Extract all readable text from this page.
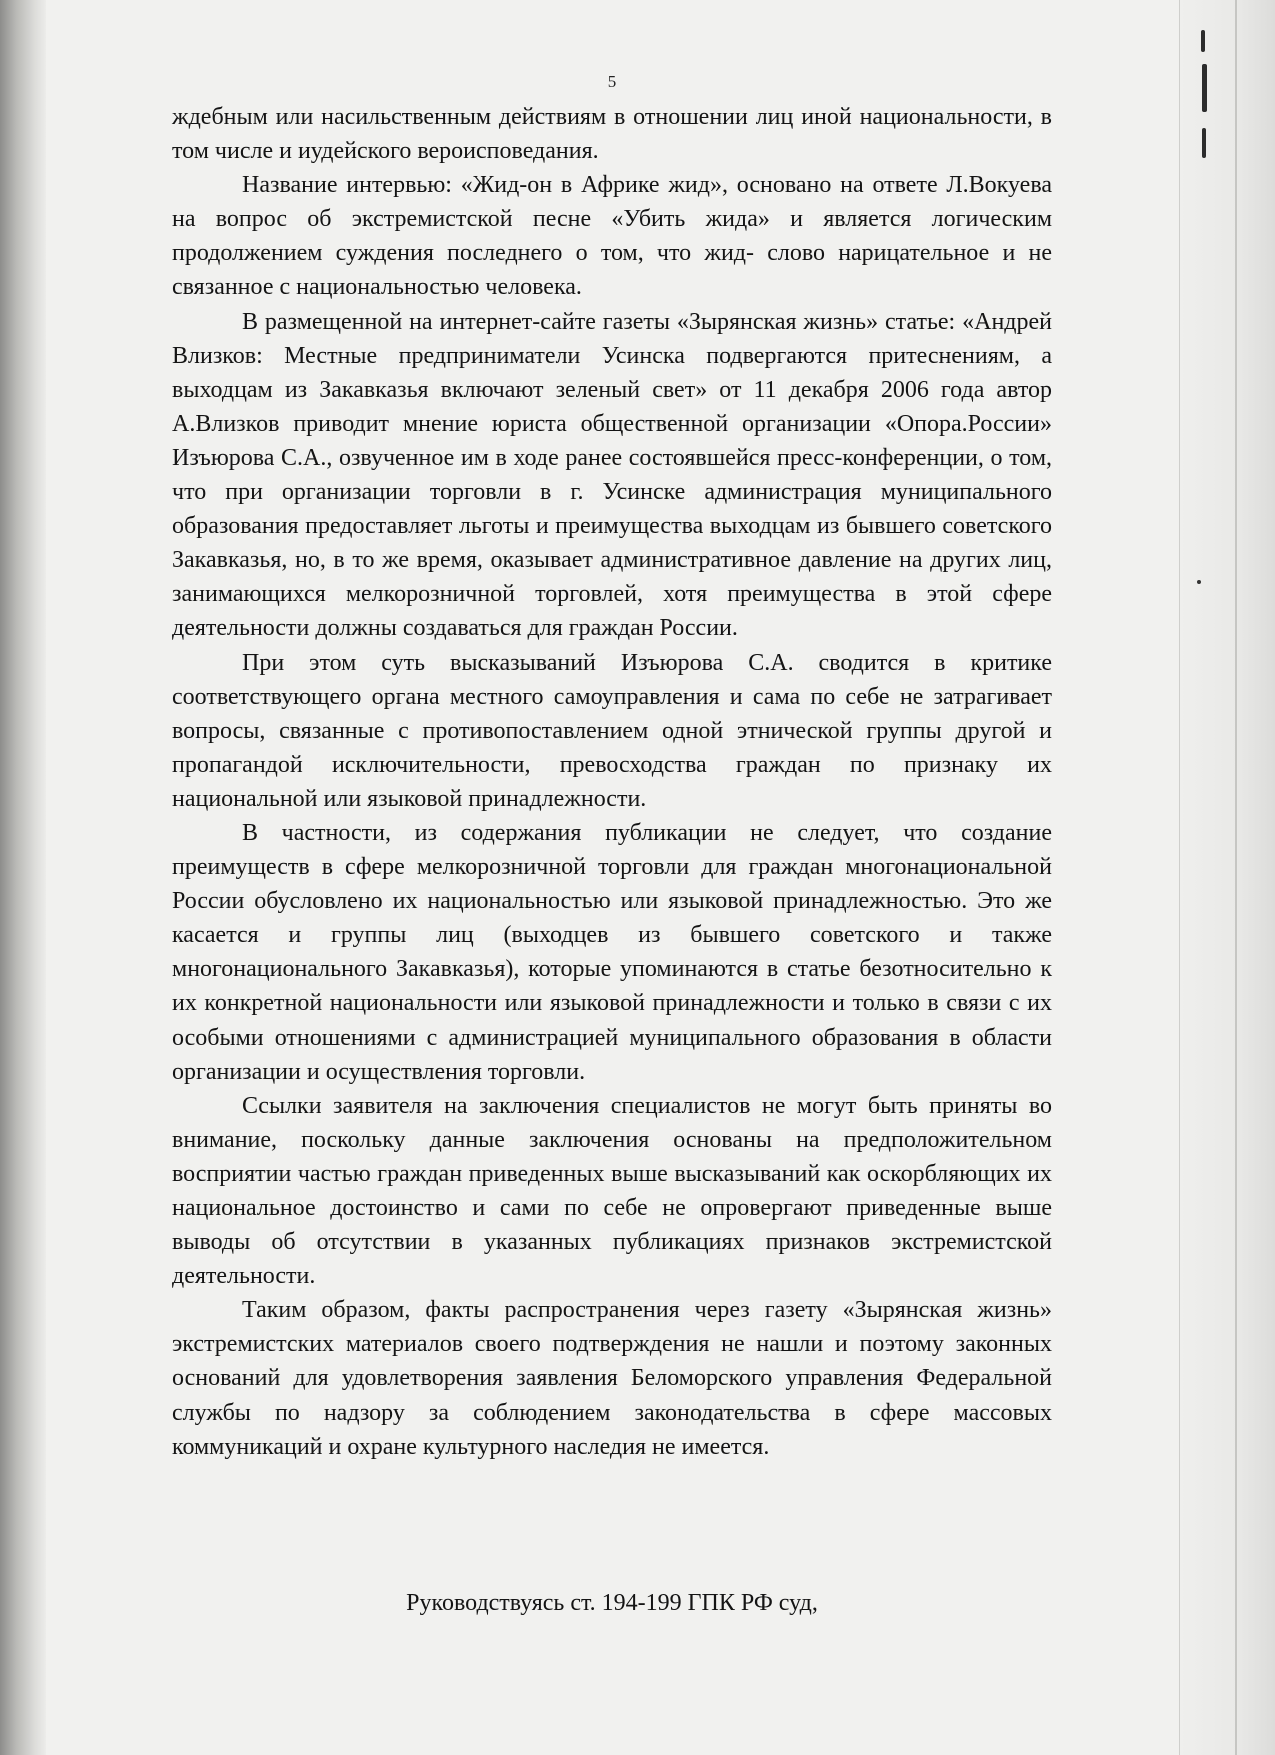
5

ждебным или насильственным действиям в отношении лиц иной национальности, в том числе и иудейского вероисповедания.

Название интервью: «Жид-он в Африке жид», основано на ответе Л.Вокуева на вопрос об экстремистской песне «Убить жида» и является логическим продолжением суждения последнего о том, что жид- слово нарицательное и не связанное с национальностью человека.

В размещенной на интернет-сайте газеты «Зырянская жизнь» статье: «Андрей Влизков: Местные предприниматели Усинска подвергаются притеснениям, а выходцам из Закавказья включают зеленый свет» от 11 декабря 2006 года автор А.Влизков приводит мнение юриста общественной организации «Опора.России» Изъюрова С.А., озвученное им в ходе ранее состоявшейся пресс-конференции, о том, что при организации торговли в г. Усинске администрация муниципального образования предоставляет льготы и преимущества выходцам из бывшего советского Закавказья, но, в то же время, оказывает административное давление на других лиц, занимающихся мелкорозничной торговлей, хотя преимущества в этой сфере деятельности должны создаваться для граждан России.

При этом суть высказываний Изъюрова С.А. сводится в критике соответствующего органа местного самоуправления и сама по себе не затрагивает вопросы, связанные с противопоставлением одной этнической группы другой и пропагандой исключительности, превосходства граждан по признаку их национальной или языковой принадлежности.

В частности, из содержания публикации не следует, что создание преимуществ в сфере мелкорозничной торговли для граждан многонациональной России обусловлено их национальностью или языковой принадлежностью. Это же касается и группы лиц (выходцев из бывшего советского и также многонационального Закавказья), которые упоминаются в статье безотносительно к их конкретной национальности или языковой принадлежности и только в связи с их особыми отношениями с администрацией муниципального образования в области организации и осуществления торговли.

Ссылки заявителя на заключения специалистов не могут быть приняты во внимание, поскольку данные заключения основаны на предположительном восприятии частью граждан приведенных выше высказываний как оскорбляющих их национальное достоинство и сами по себе не опровергают приведенные выше выводы об отсутствии в указанных публикациях признаков экстремистской деятельности.

Таким образом, факты распространения через газету «Зырянская жизнь» экстремистских материалов своего подтверждения не нашли и поэтому законных оснований для удовлетворения заявления Беломорского управления Федеральной службы по надзору за соблюдением законодательства в сфере массовых коммуникаций и охране культурного наследия не имеется.

Руководствуясь ст. 194-199 ГПК РФ суд,
